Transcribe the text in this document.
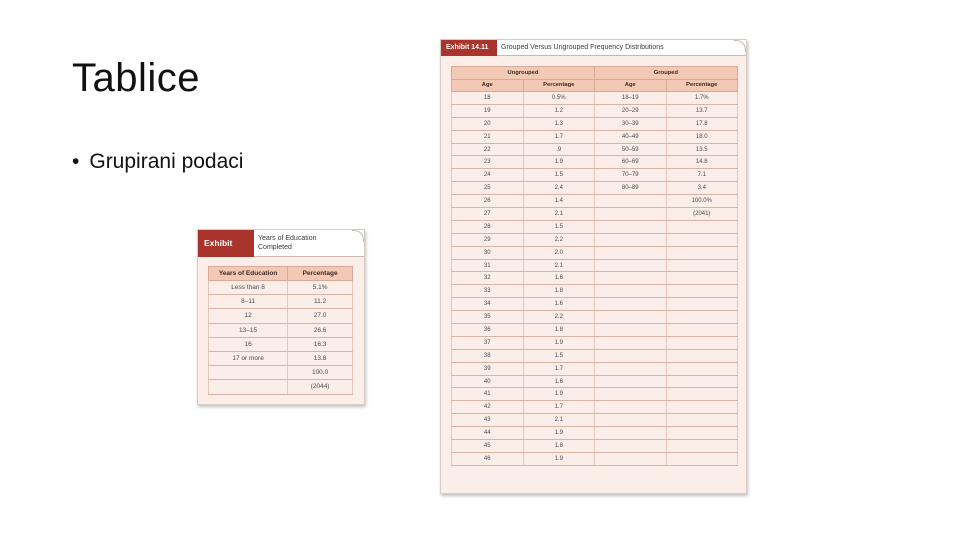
Tablice
• Grupirani podaci
Exhibit	Years of Education
Completed
Years of Education	Percentage
Less than 8	5.1%
8–11	11.2
12	27.0
13–15	26.6
16	16.3
17 or more	13.8
	100.0
	(2044)
Exhibit 14.11	Grouped Versus Ungrouped Frequency Distributions
Ungrouped		Grouped	
Age	Percentage	Age	Percentage
18	0.5%	18–19	1.7%
19	1.2	20–29	13.7
20	1.3	30–39	17.8
21	1.7	40–49	18.0
22	.9	50–59	13.5
23	1.9	60–69	14.8
24	1.5	70–79	7.1
25	2.4	80–89	3.4
26	1.4		100.0%
27	2.1		(2041)
28	1.5		
29	2.2		
30	2.0		
31	2.1		
32	1.6		
33	1.8		
34	1.6		
35	2.2		
36	1.8		
37	1.9		
38	1.5		
39	1.7		
40	1.6		
41	1.9		
42	1.7		
43	2.1		
44	1.9		
45	1.8		
46	1.9		
